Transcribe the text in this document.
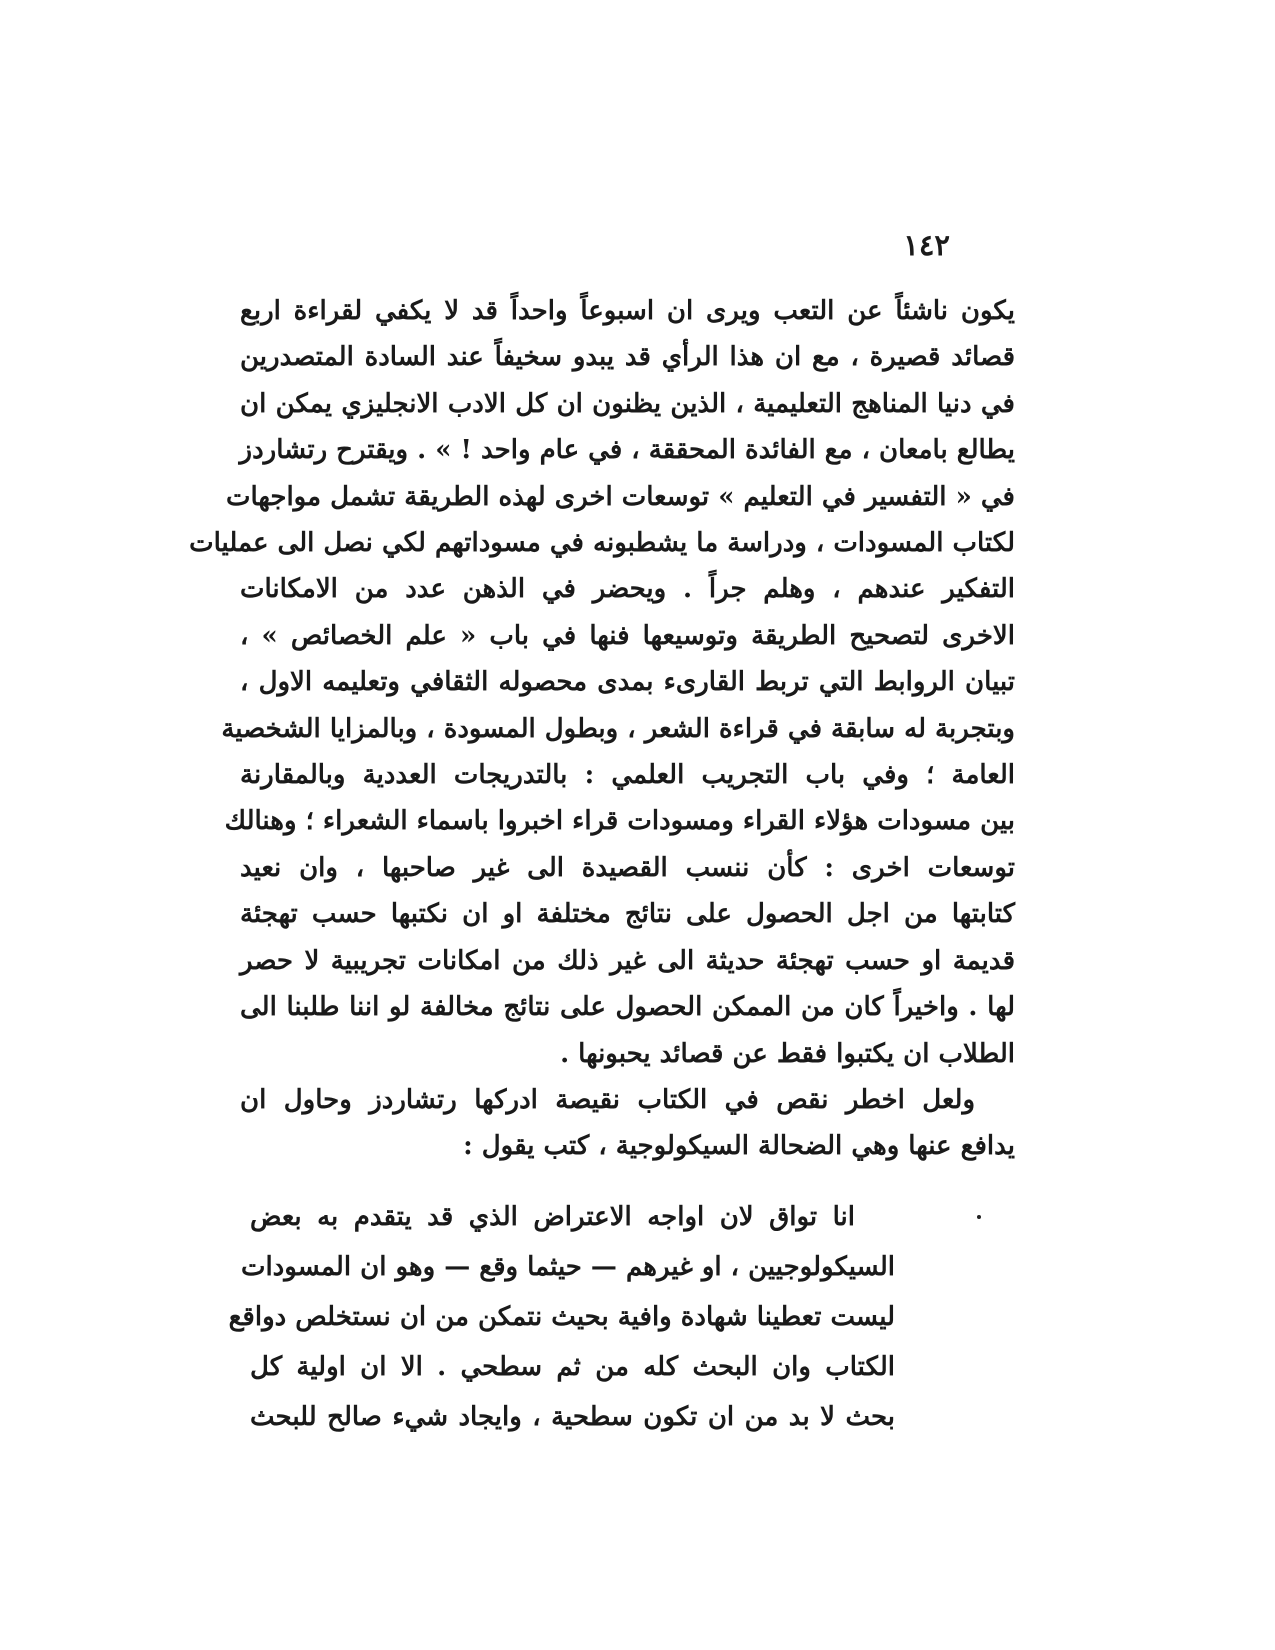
١٤٢
يكون ناشئاً عن التعب ويرى ان اسبوعاً واحداً قد لا يكفي لقراءة اربع
قصائد قصيرة ، مع ان هذا الرأي قد يبدو سخيفاً عند السادة المتصدرين
في دنيا المناهج التعليمية ، الذين يظنون ان كل الادب الانجليزي يمكن ان
يطالع بامعان ، مع الفائدة المحققة ، في عام واحد ! » . ويقترح رتشاردز
في « التفسير في التعليم » توسعات اخرى لهذه الطريقة تشمل مواجهات
لكتاب المسودات ، ودراسة ما يشطبونه في مسوداتهم لكي نصل الى عمليات
التفكير عندهم ، وهلم جراً . ويحضر في الذهن عدد من الامكانات
الاخرى لتصحيح الطريقة وتوسيعها فنها في باب « علم الخصائص » ،
تبيان الروابط التي تربط القارىء بمدى محصوله الثقافي وتعليمه الاول ،
وبتجربة له سابقة في قراءة الشعر ، وبطول المسودة ، وبالمزايا الشخصية
العامة ؛ وفي باب التجريب العلمي : بالتدريجات العددية وبالمقارنة
بين مسودات هؤلاء القراء ومسودات قراء اخبروا باسماء الشعراء ؛ وهنالك
توسعات اخرى : كأن ننسب القصيدة الى غير صاحبها ، وان نعيد
كتابتها من اجل الحصول على نتائج مختلفة او ان نكتبها حسب تهجئة
قديمة او حسب تهجئة حديثة الى غير ذلك من امكانات تجريبية لا حصر
لها . واخيراً كان من الممكن الحصول على نتائج مخالفة لو اننا طلبنا الى
الطلاب ان يكتبوا فقط عن قصائد يحبونها .
ولعل اخطر نقص في الكتاب نقيصة ادركها رتشاردز وحاول ان
يدافع عنها وهي الضحالة السيكولوجية ، كتب يقول :
انا تواق لان اواجه الاعتراض الذي قد يتقدم به بعض
السيكولوجيين ، او غيرهم — حيثما وقع — وهو ان المسودات
ليست تعطينا شهادة وافية بحيث نتمكن من ان نستخلص دواقع
الكتاب وان البحث كله من ثم سطحي . الا ان اولية كل
بحث لا بد من ان تكون سطحية ، وايجاد شيء صالح للبحث
